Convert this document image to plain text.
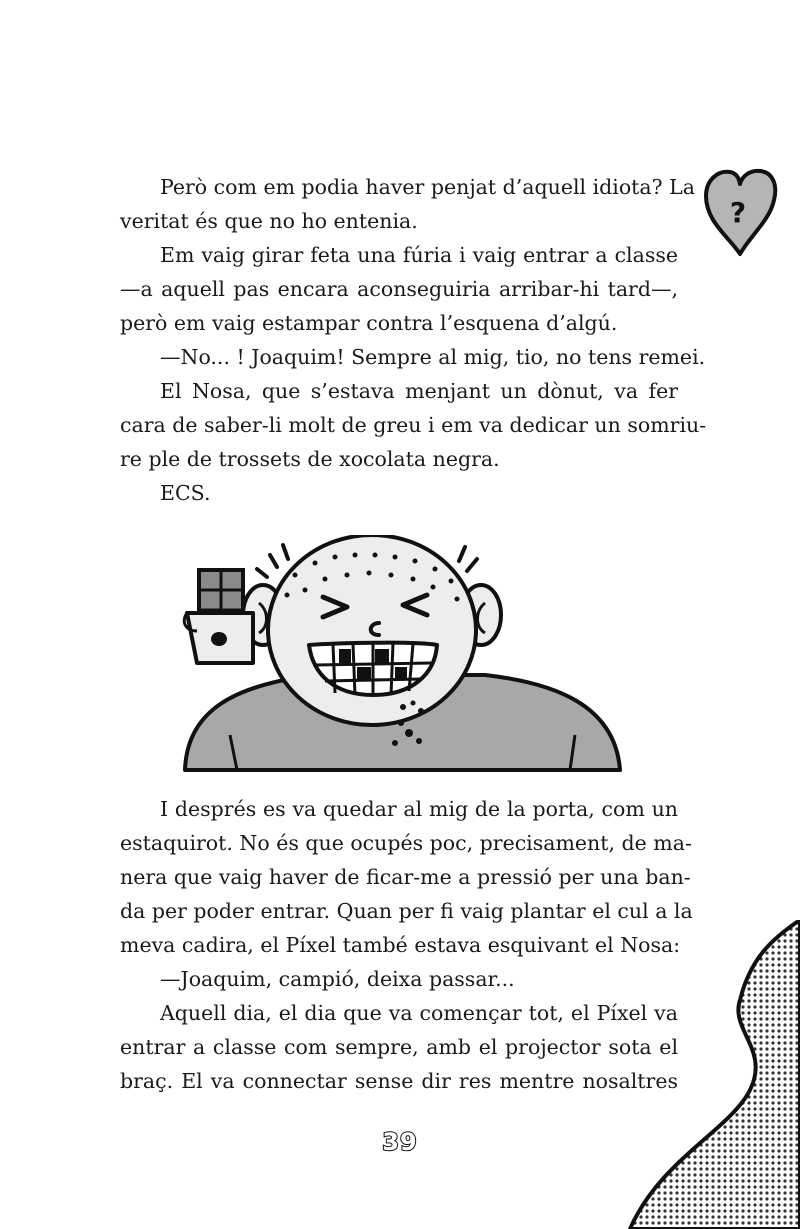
?

Però com em podia haver penjat d’aquell idiota? La
veritat és que no ho entenia.

Em vaig girar feta una fúria i vaig entrar a classe
—a aquell pas encara aconseguiria arribar-hi tard—,
però em vaig estampar contra l’esquena d’algú.

—No... ! Joaquim! Sempre al mig, tio, no tens remei.

El Nosa, que s’estava menjant un dònut, va fer
cara de saber-li molt de greu i em va dedicar un somriu-
re ple de trossets de xocolata negra.

ECS.

I després es va quedar al mig de la porta, com un
estaquirot. No és que ocupés poc, precisament, de ma-
nera que vaig haver de ficar-me a pressió per una ban-
da per poder entrar. Quan per fi vaig plantar el cul a la
meva cadira, el Píxel també estava esquivant el Nosa:

—Joaquim, campió, deixa passar...

Aquell dia, el dia que va començar tot, el Píxel va
entrar a classe com sempre, amb el projector sota el
braç. El va connectar sense dir res mentre nosaltres

39
